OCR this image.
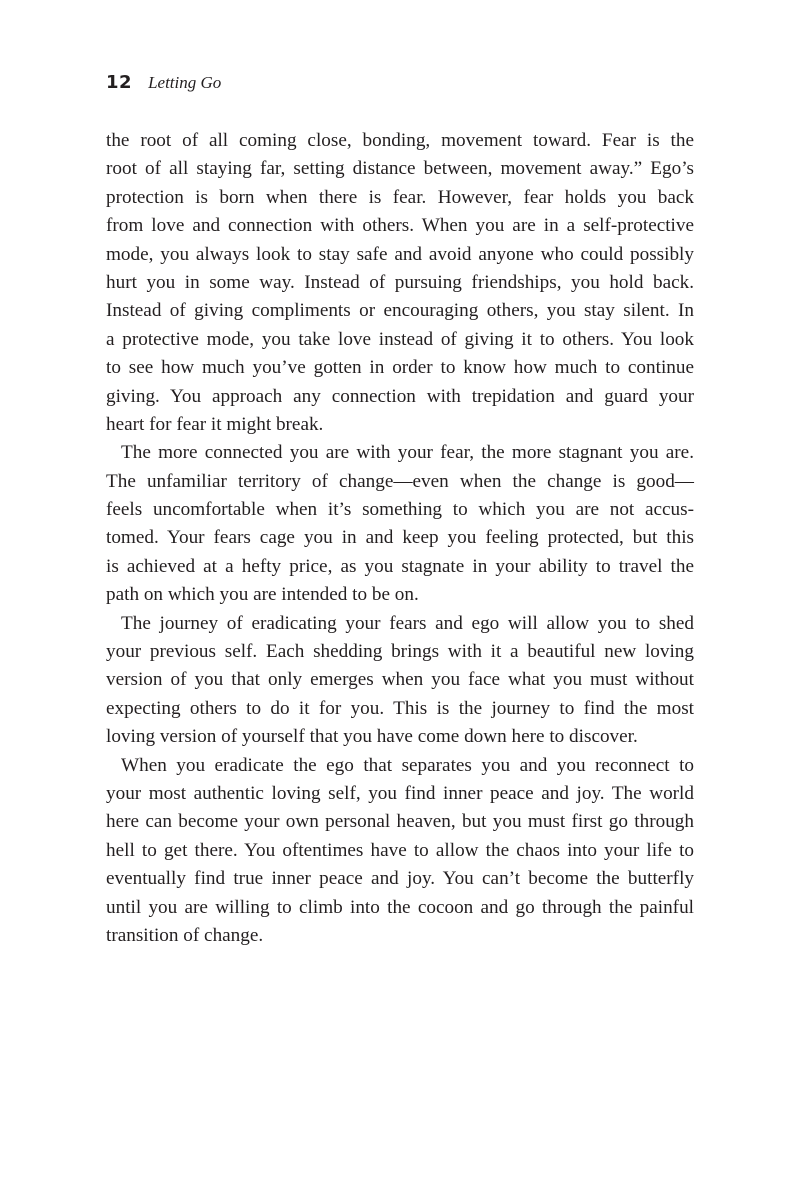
12 Letting Go

the root of all coming close, bonding, movement toward. Fear is the
root of all staying far, setting distance between, movement away.” Ego’s
protection is born when there is fear. However, fear holds you back
from love and connection with others. When you are in a self-protective
mode, you always look to stay safe and avoid anyone who could possibly
hurt you in some way. Instead of pursuing friendships, you hold back.
Instead of giving compliments or encouraging others, you stay silent. In
a protective mode, you take love instead of giving it to others. You look
to see how much you’ve gotten in order to know how much to continue
giving. You approach any connection with trepidation and guard your
heart for fear it might break.

The more connected you are with your fear, the more stagnant you are.
The unfamiliar territory of change—even when the change is good—
feels uncomfortable when it’s something to which you are not accus-
tomed. Your fears cage you in and keep you feeling protected, but this
is achieved at a hefty price, as you stagnate in your ability to travel the
path on which you are intended to be on.

The journey of eradicating your fears and ego will allow you to shed
your previous self. Each shedding brings with it a beautiful new loving
version of you that only emerges when you face what you must without
expecting others to do it for you. This is the journey to find the most
loving version of yourself that you have come down here to discover.

When you eradicate the ego that separates you and you reconnect to
your most authentic loving self, you find inner peace and joy. The world
here can become your own personal heaven, but you must first go through
hell to get there. You oftentimes have to allow the chaos into your life to
eventually find true inner peace and joy. You can’t become the butterfly
until you are willing to climb into the cocoon and go through the painful
transition of change.
